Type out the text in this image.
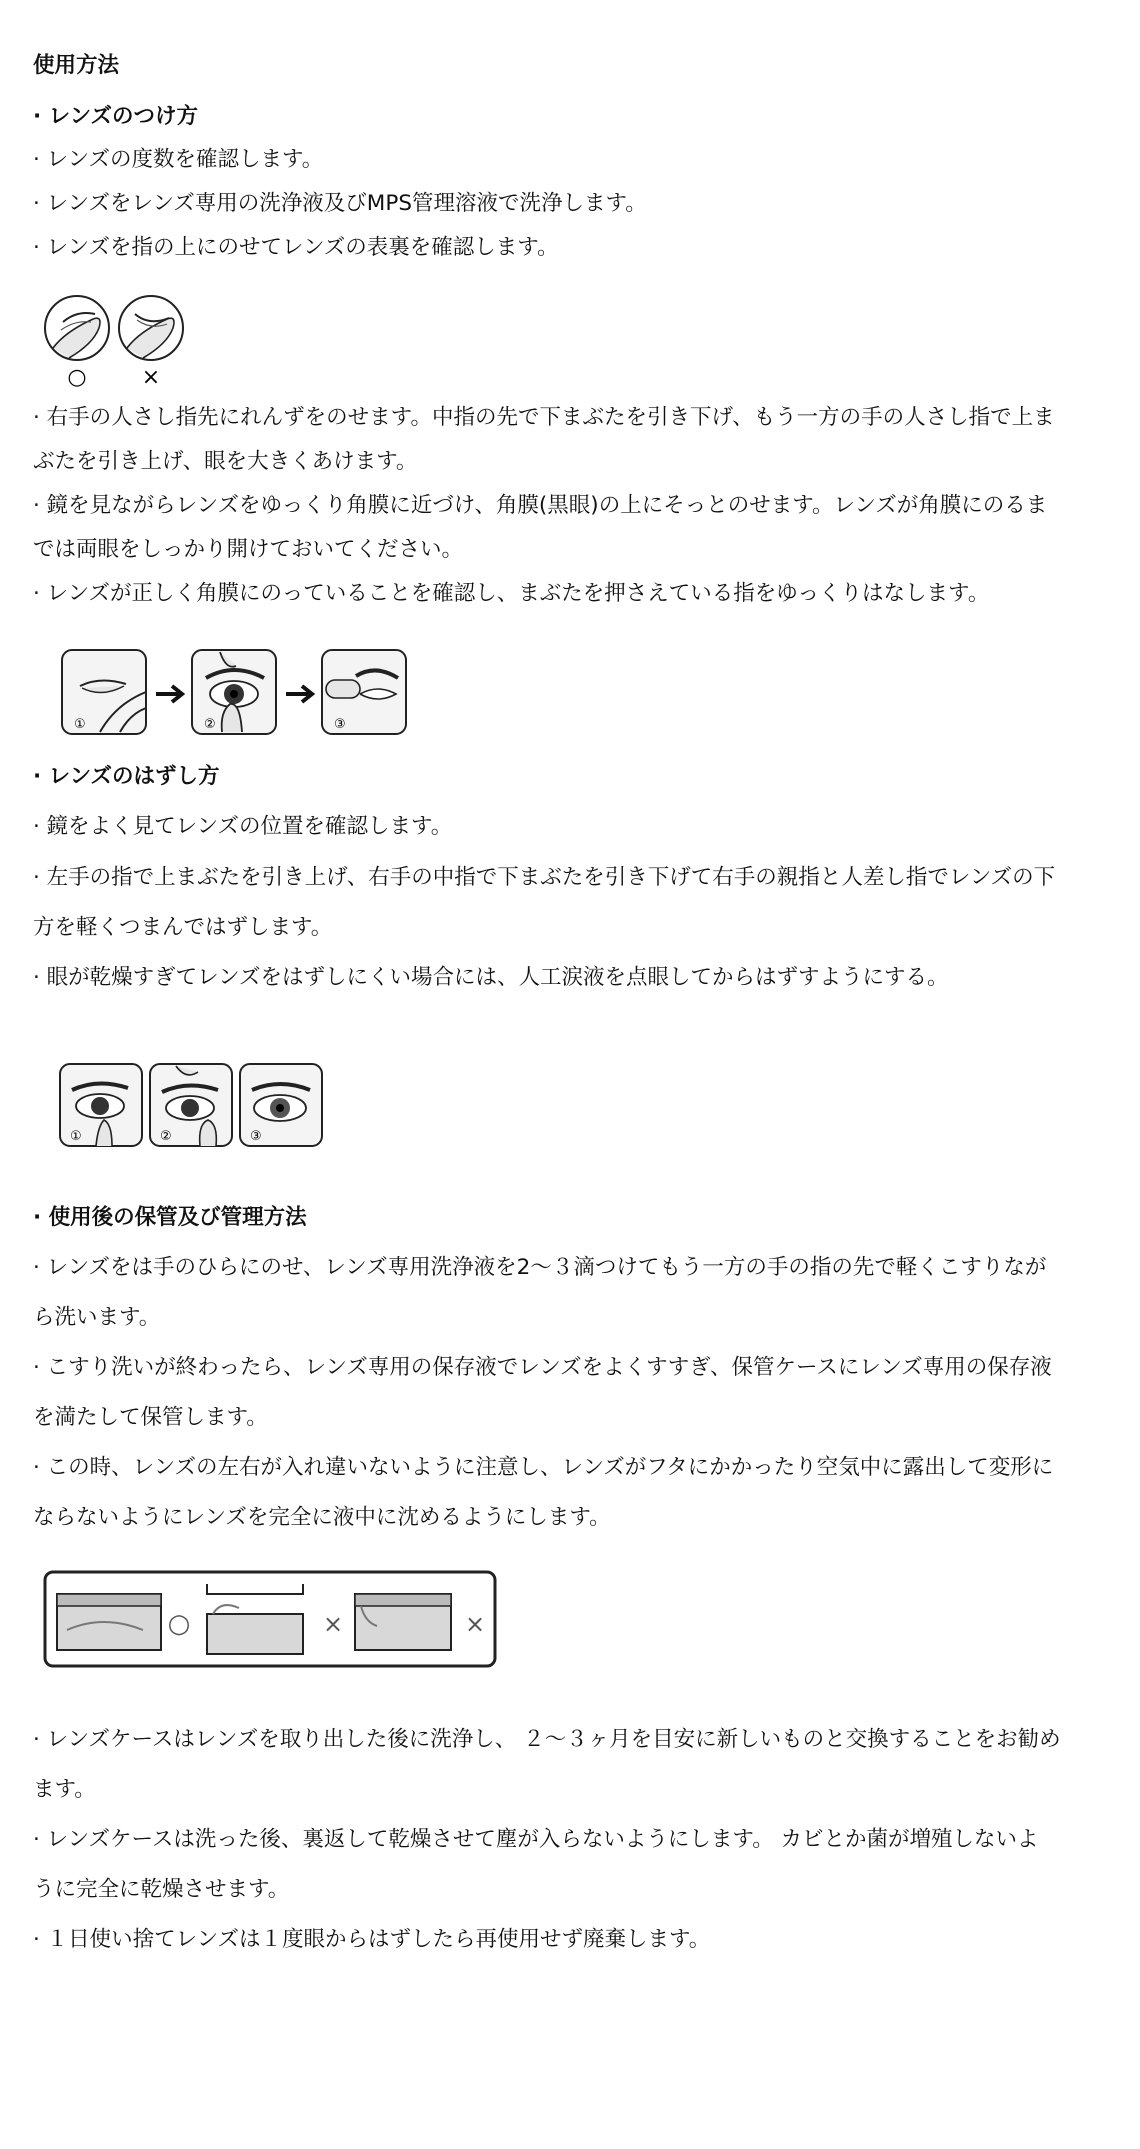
使用方法
· レンズのつけ方
· レンズの度数を確認します。
· レンズをレンズ専用の洗浄液及びMPS管理溶液で洗浄します。
· レンズを指の上にのせてレンズの表裏を確認します。
○	×
· 右手の人さし指先にれんずをのせます。中指の先で下まぶたを引き下げ、もう一方の手の人さし指で上ま
ぶたを引き上げ、眼を大きくあけます。
· 鏡を見ながらレンズをゆっくり角膜に近づけ、角膜(黒眼)の上にそっとのせます。レンズが角膜にのるま
では両眼をしっかり開けておいてください。
· レンズが正しく角膜にのっていることを確認し、まぶたを押さえている指をゆっくりはなします。
①	②	③
· レンズのはずし方
· 鏡をよく見てレンズの位置を確認します。
· 左手の指で上まぶたを引き上げ、右手の中指で下まぶたを引き下げて右手の親指と人差し指でレンズの下
方を軽くつまんではずします。
· 眼が乾燥すぎてレンズをはずしにくい場合には、人工涙液を点眼してからはずすようにする。
①	②	③
· 使用後の保管及び管理方法
· レンズをは手のひらにのせ、レンズ専用洗浄液を2～３滴つけてもう一方の手の指の先で軽くこすりなが
ら洗います。
· こすり洗いが終わったら、レンズ専用の保存液でレンズをよくすすぎ、保管ケースにレンズ専用の保存液
を満たして保管します。
· この時、レンズの左右が入れ違いないように注意し、レンズがフタにかかったり空気中に露出して変形に
ならないようにレンズを完全に液中に沈めるようにします。
○	×	×
· レンズケースはレンズを取り出した後に洗浄し、 ２～３ヶ月を目安に新しいものと交換することをお勧め
ます。
· レンズケースは洗った後、裏返して乾燥させて塵が入らないようにします。 カビとか菌が増殖しないよ
うに完全に乾燥させます。
· １日使い捨てレンズは１度眼からはずしたら再使用せず廃棄します。
